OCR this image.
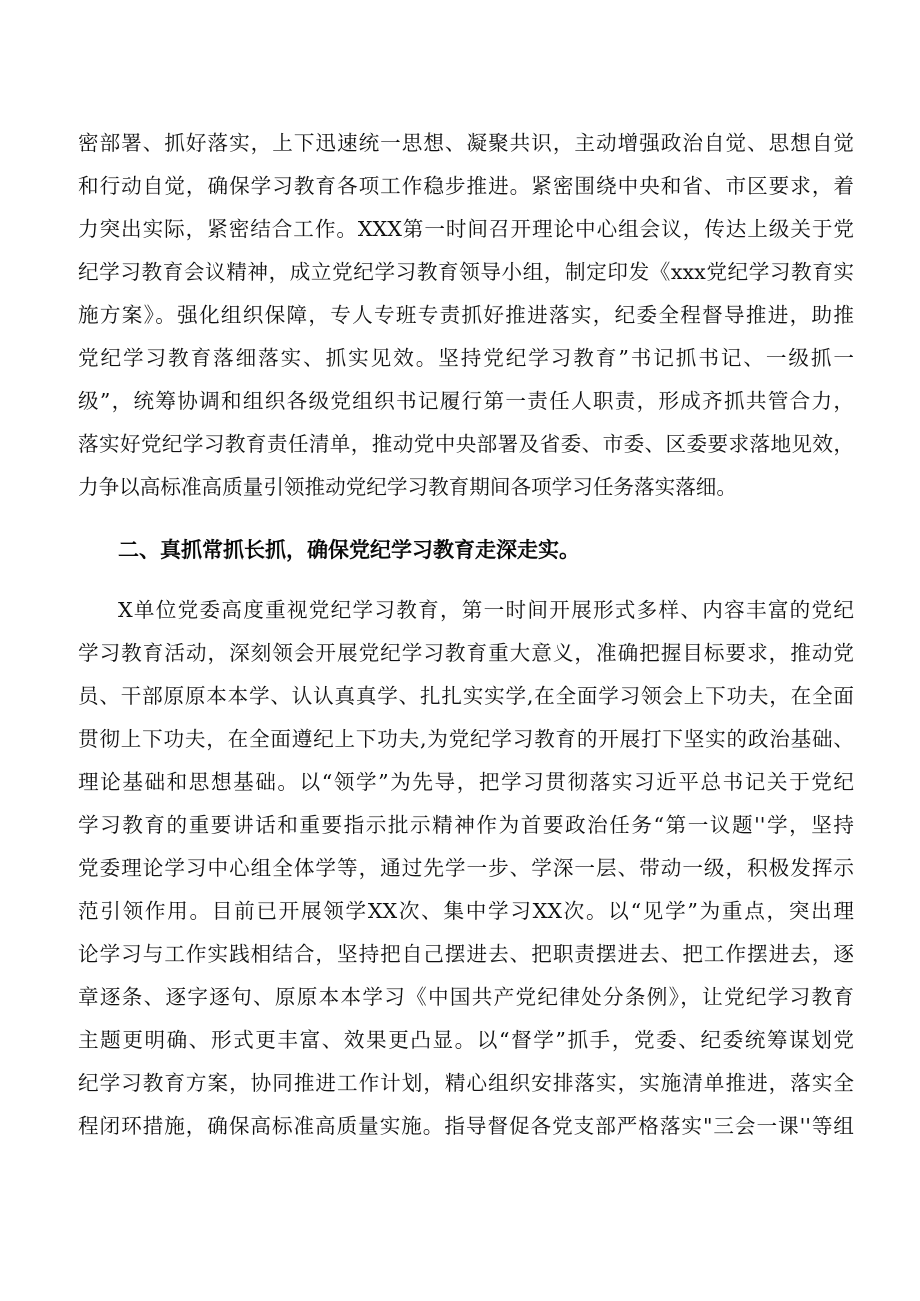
密部署、抓好落实，上下迅速统一思想、凝聚共识，主动增强政治自觉、思想自觉
和行动自觉，确保学习教育各项工作稳步推进。紧密围绕中央和省、市区要求，着
力突出实际，紧密结合工作。XXX第一时间召开理论中心组会议，传达上级关于党
纪学习教育会议精神，成立党纪学习教育领导小组，制定印发《xxx党纪学习教育实
施方案》。强化组织保障，专人专班专责抓好推进落实，纪委全程督导推进，助推
党纪学习教育落细落实、抓实见效。坚持党纪学习教育”书记抓书记、一级抓一
级”，统筹协调和组织各级党组织书记履行第一责任人职责，形成齐抓共管合力，
落实好党纪学习教育责任清单，推动党中央部署及省委、市委、区委要求落地见效，
力争以高标准高质量引领推动党纪学习教育期间各项学习任务落实落细。
二、真抓常抓长抓，确保党纪学习教育走深走实。
X单位党委高度重视党纪学习教育，第一时间开展形式多样、内容丰富的党纪
学习教育活动，深刻领会开展党纪学习教育重大意义，准确把握目标要求，推动党
员、干部原原本本学、认认真真学、扎扎实实学,在全面学习领会上下功夫，在全面
贯彻上下功夫，在全面遵纪上下功夫,为党纪学习教育的开展打下坚实的政治基础、
理论基础和思想基础。以“领学”为先导，把学习贯彻落实习近平总书记关于党纪
学习教育的重要讲话和重要指示批示精神作为首要政治任务“第一议题''学，坚持
党委理论学习中心组全体学等，通过先学一步、学深一层、带动一级，积极发挥示
范引领作用。目前已开展领学XX次、集中学习XX次。以“见学”为重点，突出理
论学习与工作实践相结合，坚持把自己摆进去、把职责摆进去、把工作摆进去，逐
章逐条、逐字逐句、原原本本学习《中国共产党纪律处分条例》，让党纪学习教育
主题更明确、形式更丰富、效果更凸显。以“督学”抓手，党委、纪委统筹谋划党
纪学习教育方案，协同推进工作计划，精心组织安排落实，实施清单推进，落实全
程闭环措施，确保高标准高质量实施。指导督促各党支部严格落实"三会一课''等组
